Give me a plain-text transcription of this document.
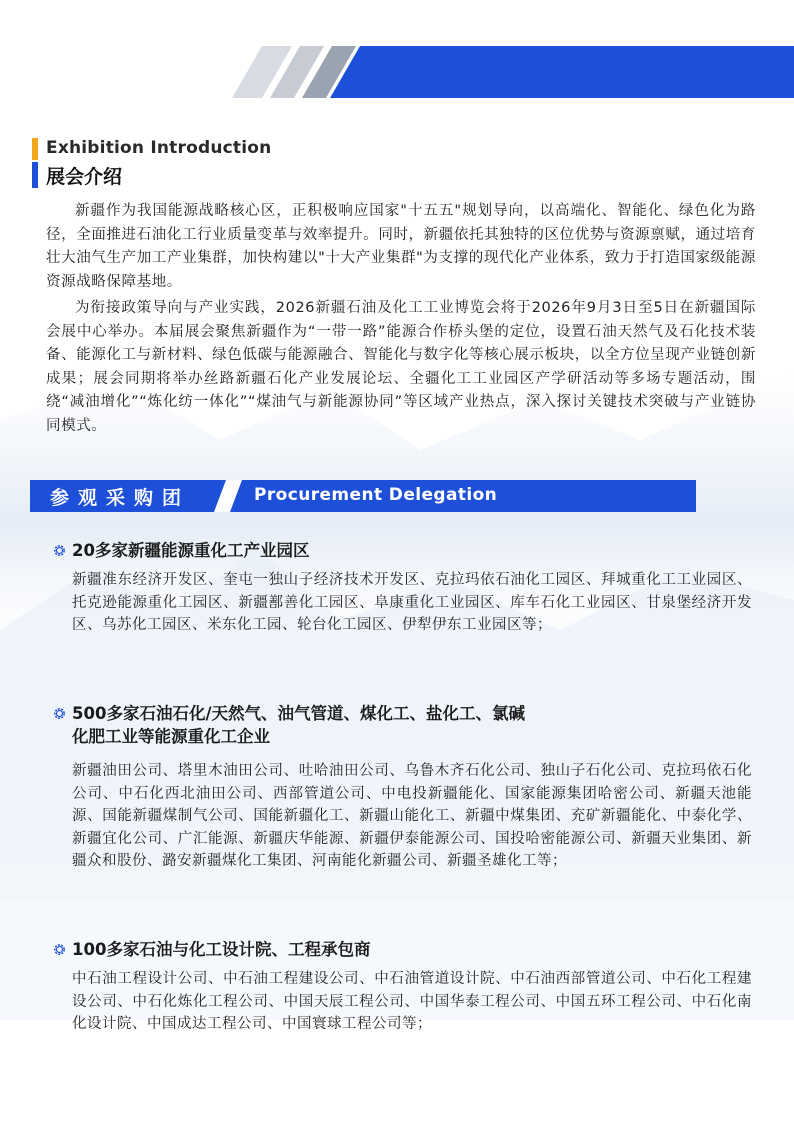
Exhibition Introduction
展会介绍

新疆作为我国能源战略核心区，正积极响应国家"十五五"规划导向，以高端化、智能化、绿色化为路径，全面推进石油化工行业质量变革与效率提升。同时，新疆依托其独特的区位优势与资源禀赋，通过培育壮大油气生产加工产业集群，加快构建以"十大产业集群"为支撑的现代化产业体系，致力于打造国家级能源资源战略保障基地。

为衔接政策导向与产业实践，2026新疆石油及化工工业博览会将于2026年9月3日至5日在新疆国际会展中心举办。本届展会聚焦新疆作为“一带一路”能源合作桥头堡的定位，设置石油天然气及石化技术装备、能源化工与新材料、绿色低碳与能源融合、智能化与数字化等核心展示板块，以全方位呈现产业链创新成果；展会同期将举办丝路新疆石化产业发展论坛、全疆化工工业园区产学研活动等多场专题活动，围绕“减油增化”“炼化纺一体化”“煤油气与新能源协同”等区域产业热点，深入探讨关键技术突破与产业链协同模式。

参观采购团	Procurement Delegation
20多家新疆能源重化工产业园区

新疆准东经济开发区、奎屯一独山子经济技术开发区、克拉玛依石油化工园区、拜城重化工工业园区、托克逊能源重化工园区、新疆鄯善化工园区、阜康重化工业园区、库车石化工业园区、甘泉堡经济开发区、乌苏化工园区、米东化工园、轮台化工园区、伊犁伊东工业园区等；

500多家石油石化/天然气、油气管道、煤化工、盐化工、氯碱
化肥工业等能源重化工企业

新疆油田公司、塔里木油田公司、吐哈油田公司、乌鲁木齐石化公司、独山子石化公司、克拉玛依石化公司、中石化西北油田公司、西部管道公司、中电投新疆能化、国家能源集团哈密公司、新疆天池能源、国能新疆煤制气公司、国能新疆化工、新疆山能化工、新疆中煤集团、充矿新疆能化、中泰化学、新疆宜化公司、广汇能源、新疆庆华能源、新疆伊泰能源公司、国投哈密能源公司、新疆天业集团、新疆众和股份、潞安新疆煤化工集团、河南能化新疆公司、新疆圣雄化工等；

100多家石油与化工设计院、工程承包商

中石油工程设计公司、中石油工程建设公司、中石油管道设计院、中石油西部管道公司、中石化工程建设公司、中石化炼化工程公司、中国天辰工程公司、中国华泰工程公司、中国五环工程公司、中石化南化设计院、中国成达工程公司、中国寰球工程公司等；
